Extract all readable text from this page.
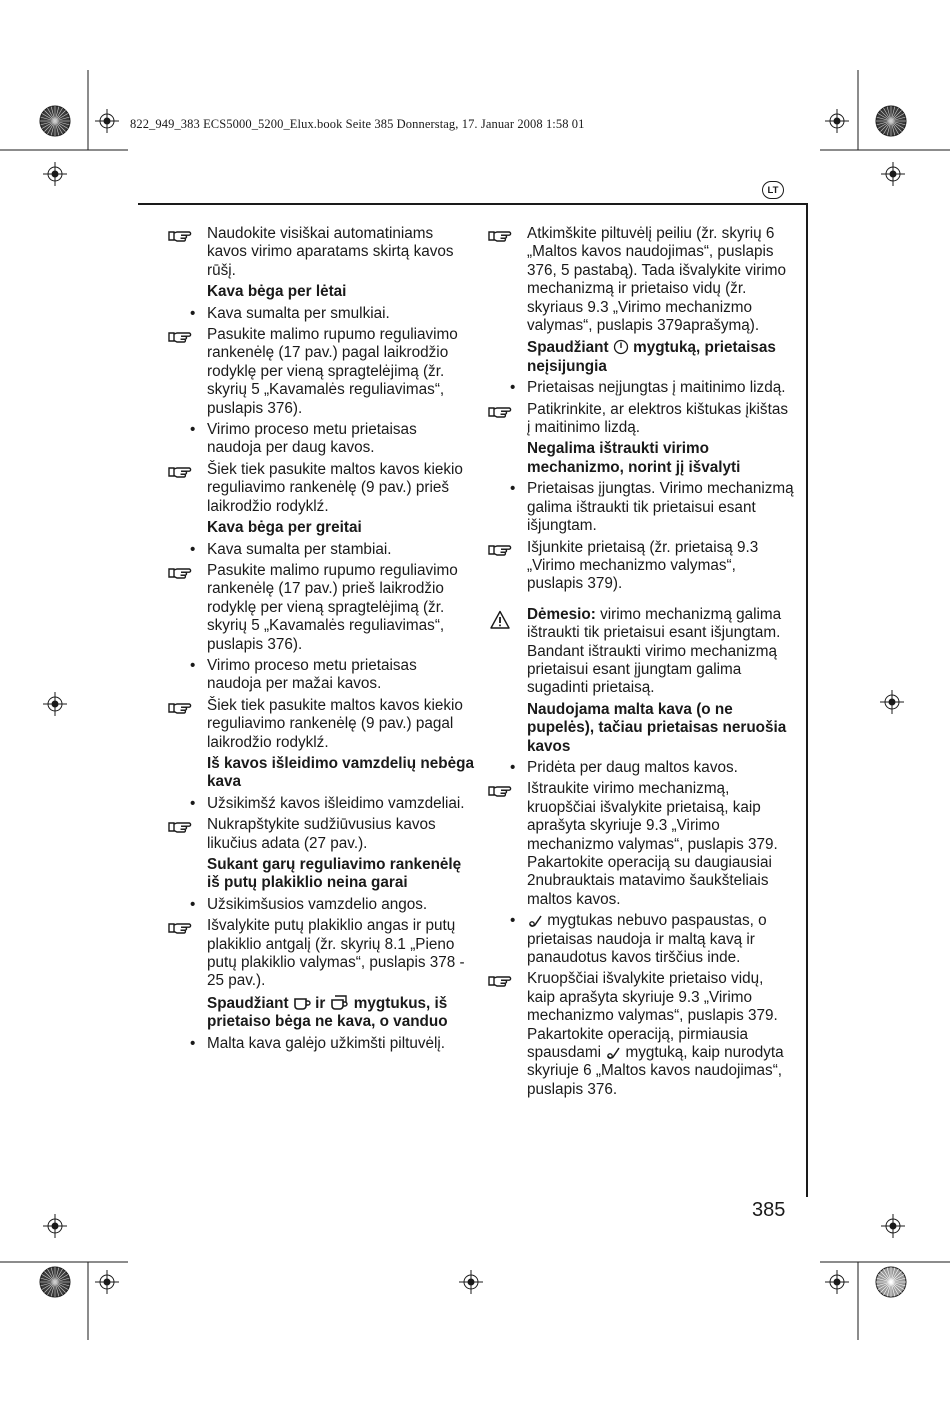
822_949_383 ECS5000_5200_Elux.book Seite 385 Donnerstag, 17. Januar 2008 1:58 01
LT
Naudokite visiškai automatiniams kavos virimo aparatams skirtą kavos rūšį.
Kava bėga per lėtai
• Kava sumalta per smulkiai.
Pasukite malimo rupumo reguliavimo rankenėlę (17 pav.) pagal laikrodžio rodyklę per vieną spragtelėjimą (žr. skyrių 5 „Kavamalės reguliavimas“, puslapis 376).
• Virimo proceso metu prietaisas naudoja per daug kavos.
Šiek tiek pasukite maltos kavos kiekio reguliavimo rankenėlę (9 pav.) prieš laikrodžio rodyklź.
Kava bėga per greitai
• Kava sumalta per stambiai.
Pasukite malimo rupumo reguliavimo rankenėlę (17 pav.) prieš laikrodžio rodyklę per vieną spragtelėjimą (žr. skyrių 5 „Kavamalės reguliavimas“, puslapis 376).
• Virimo proceso metu prietaisas naudoja per mažai kavos.
Šiek tiek pasukite maltos kavos kiekio reguliavimo rankenėlę (9 pav.) pagal laikrodžio rodyklź.
Iš kavos išleidimo vamzdelių nebėga kava
• Užsikimšź kavos išleidimo vamzdeliai.
Nukrapštykite sudžiūvusius kavos likučius adata (27 pav.).
Sukant garų reguliavimo rankenėlę iš putų plakiklio neina garai
• Užsikimšusios vamzdelio angos.
Išvalykite putų plakiklio angas ir putų plakiklio antgalį (žr. skyrių 8.1 „Pieno putų plakiklio valymas“, puslapis 378 - 25 pav.).
Spaudžiant ir mygtukus, iš prietaiso bėga ne kava, o vanduo
• Malta kava galėjo užkimšti piltuvėlį.
Atkimškite piltuvėlį peiliu (žr. skyrių 6 „Maltos kavos naudojimas“, puslapis 376, 5 pastabą). Tada išvalykite virimo mechanizmą ir prietaiso vidų (žr. skyriaus 9.3 „Virimo mechanizmo valymas“, puslapis 379aprašymą).
Spaudžiant mygtuką, prietaisas neįsijungia
• Prietaisas neįjungtas į maitinimo lizdą.
Patikrinkite, ar elektros kištukas įkištas į maitinimo lizdą.
Negalima ištraukti virimo mechanizmo, norint jį išvalyti
• Prietaisas įjungtas. Virimo mechanizmą galima ištraukti tik prietaisui esant išjungtam.
Išjunkite prietaisą (žr. prietaisą 9.3 „Virimo mechanizmo valymas“, puslapis 379).
Dėmesio: virimo mechanizmą galima ištraukti tik prietaisui esant išjungtam. Bandant ištraukti virimo mechanizmą prietaisui esant įjungtam galima sugadinti prietaisą.
Naudojama malta kava (o ne pupelės), tačiau prietaisas neruošia kavos
• Pridėta per daug maltos kavos.
Ištraukite virimo mechanizmą, kruopščiai išvalykite prietaisą, kaip aprašyta skyriuje 9.3 „Virimo mechanizmo valymas“, puslapis 379. Pakartokite operaciją su daugiausiai 2nubrauktais matavimo šaukšteliais maltos kavos.
• mygtukas nebuvo paspaustas, o prietaisas naudoja ir maltą kavą ir panaudotus kavos tirščius inde.
Kruopščiai išvalykite prietaiso vidų, kaip aprašyta skyriuje 9.3 „Virimo mechanizmo valymas“, puslapis 379. Pakartokite operaciją, pirmiausia spausdami  mygtuką, kaip nurodyta skyriuje 6 „Maltos kavos naudojimas“, puslapis 376.
385
